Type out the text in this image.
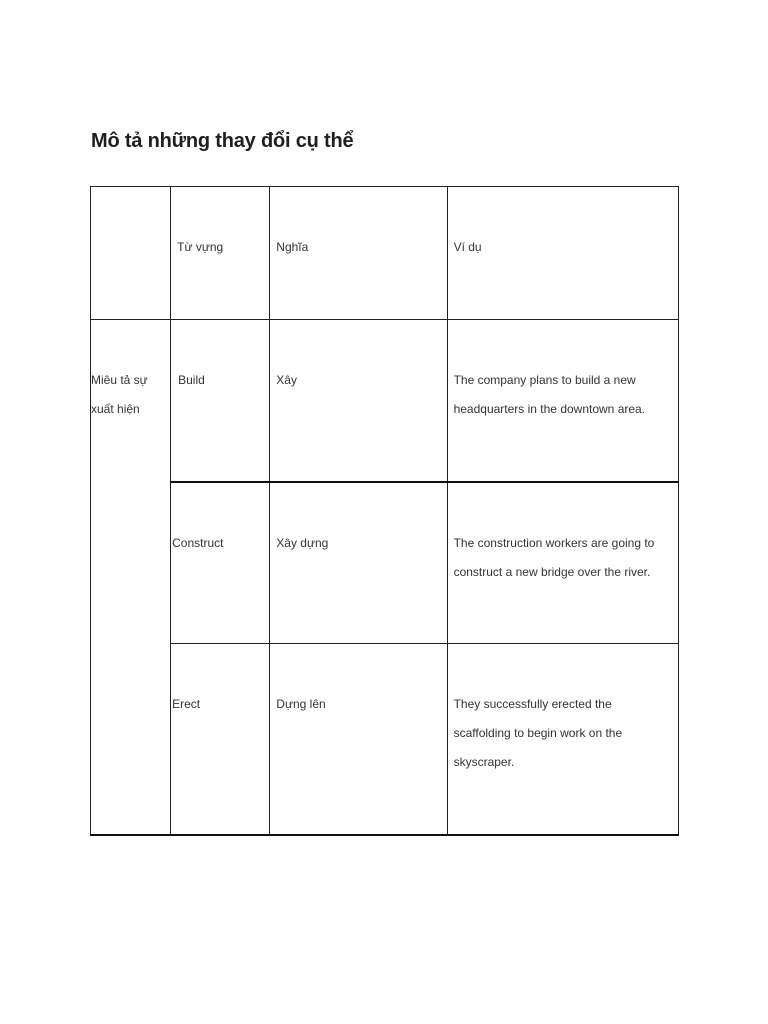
Mô tả những thay đổi cụ thể

	Từ vựng	Nghĩa	Ví dụ

Miêu tả sự xuất hiện	Build	Xây	The company plans to build a new headquarters in the downtown area.

	Construct	Xây dựng	The construction workers are going to construct a new bridge over the river.

	Erect	Dựng lên	They successfully erected the scaffolding to begin work on the skyscraper.
